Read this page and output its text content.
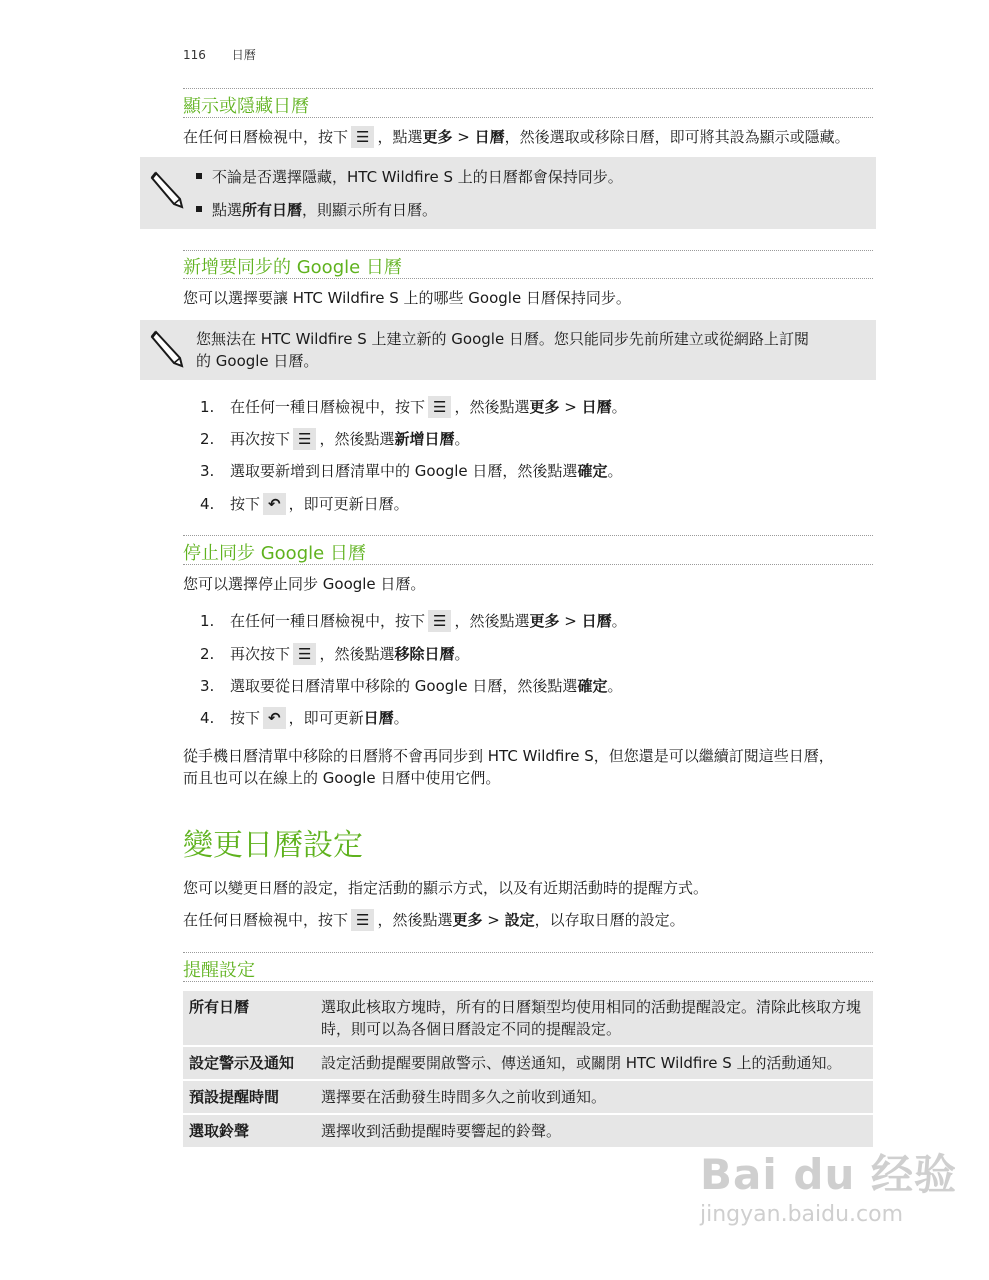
116 日曆
顯示或隱藏日曆
在任何日曆檢視中，按下 ☰ ，點選更多 > 日曆，然後選取或移除日曆，即可將其設為顯示或隱藏。
不論是否選擇隱藏，HTC Wildfire S 上的日曆都會保持同步。
點選所有日曆，則顯示所有日曆。
新增要同步的 Google 日曆
您可以選擇要讓 HTC Wildfire S 上的哪些 Google 日曆保持同步。
您無法在 HTC Wildfire S 上建立新的 Google 日曆。您只能同步先前所建立或從網路上訂閱
的 Google 日曆。
1. 在任何一種日曆檢視中，按下 ☰ ，然後點選更多 > 日曆。
2. 再次按下 ☰ ，然後點選新增日曆。
3. 選取要新增到日曆清單中的 Google 日曆，然後點選確定。
4. 按下 ↶ ，即可更新日曆。
停止同步 Google 日曆
您可以選擇停止同步 Google 日曆。
1. 在任何一種日曆檢視中，按下 ☰ ，然後點選更多 > 日曆。
2. 再次按下 ☰ ，然後點選移除日曆。
3. 選取要從日曆清單中移除的 Google 日曆，然後點選確定。
4. 按下 ↶ ，即可更新日曆。
從手機日曆清單中移除的日曆將不會再同步到 HTC Wildfire S，但您還是可以繼續訂閱這些日曆，
而且也可以在線上的 Google 日曆中使用它們。
變更日曆設定
您可以變更日曆的設定，指定活動的顯示方式，以及有近期活動時的提醒方式。
在任何日曆檢視中，按下 ☰ ，然後點選更多 > 設定，以存取日曆的設定。
提醒設定
所有日曆	選取此核取方塊時，所有的日曆類型均使用相同的活動提醒設定。清除此核取方塊時，則可以為各個日曆設定不同的提醒設定。
設定警示及通知	設定活動提醒要開啟警示、傳送通知，或關閉 HTC Wildfire S 上的活動通知。
預設提醒時間	選擇要在活動發生時間多久之前收到通知。
選取鈴聲	選擇收到活動提醒時要響起的鈴聲。
Bai du 经验
jingyan.baidu.com
